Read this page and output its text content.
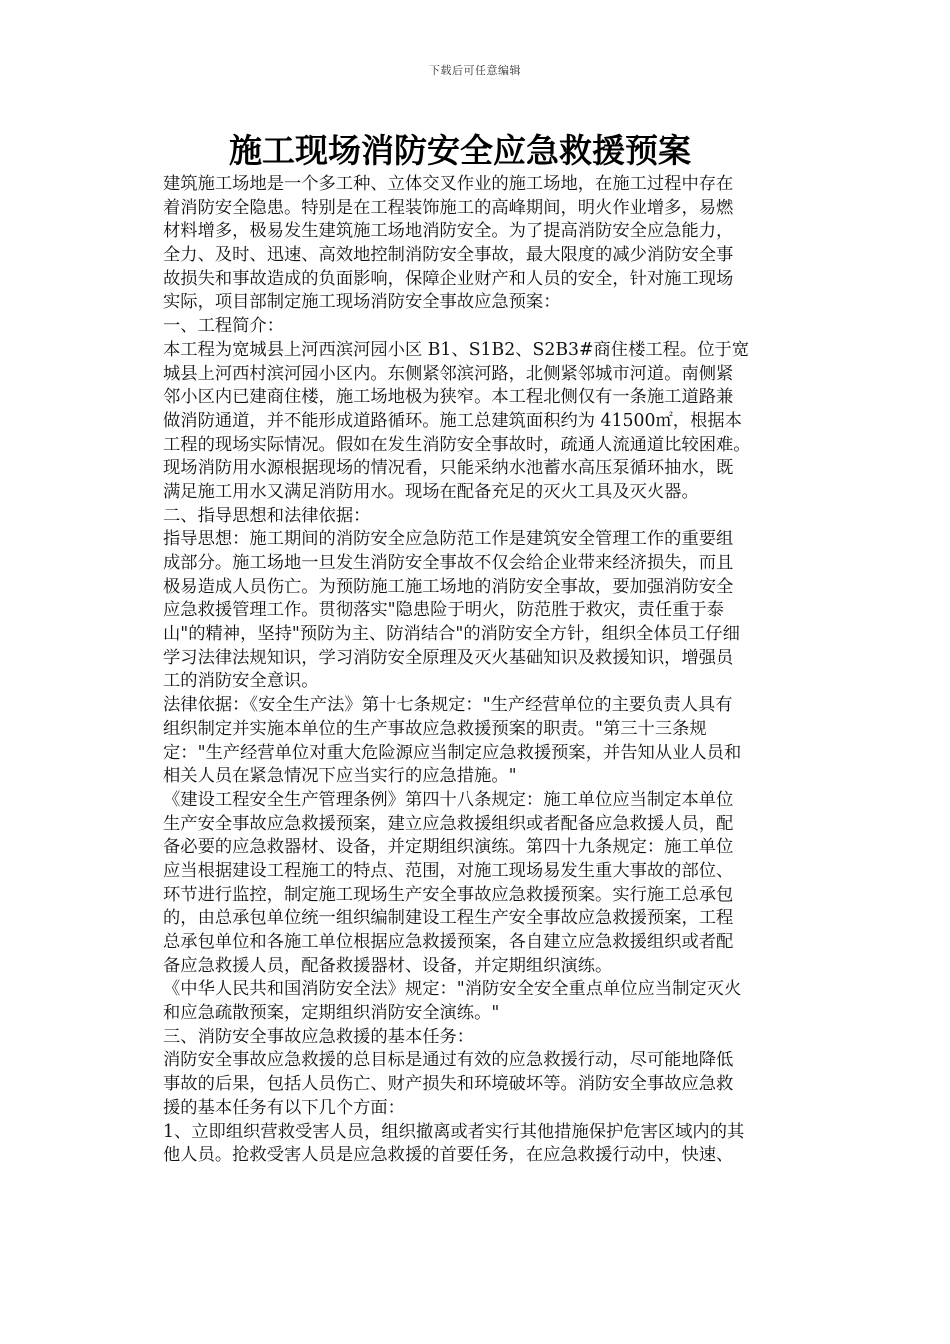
下载后可任意编辑
施工现场消防安全应急救援预案
建筑施工场地是一个多工种、立体交叉作业的施工场地，在施工过程中存在
着消防安全隐患。特别是在工程装饰施工的高峰期间，明火作业增多，易燃
材料增多，极易发生建筑施工场地消防安全。为了提高消防安全应急能力，
全力、及时、迅速、高效地控制消防安全事故，最大限度的减少消防安全事
故损失和事故造成的负面影响，保障企业财产和人员的安全，针对施工现场
实际，项目部制定施工现场消防安全事故应急预案：
一、工程简介：
本工程为宽城县上河西滨河园小区 B1、S1B2、S2B3#商住楼工程。位于宽
城县上河西村滨河园小区内。东侧紧邻滨河路，北侧紧邻城市河道。南侧紧
邻小区内已建商住楼，施工场地极为狭窄。本工程北侧仅有一条施工道路兼
做消防通道，并不能形成道路循环。施工总建筑面积约为 41500㎡，根据本
工程的现场实际情况。假如在发生消防安全事故时，疏通人流通道比较困难。
现场消防用水源根据现场的情况看，只能采纳水池蓄水高压泵循环抽水，既
满足施工用水又满足消防用水。现场在配备充足的灭火工具及灭火器。
二、指导思想和法律依据：
指导思想：施工期间的消防安全应急防范工作是建筑安全管理工作的重要组
成部分。施工场地一旦发生消防安全事故不仅会给企业带来经济损失，而且
极易造成人员伤亡。为预防施工施工场地的消防安全事故，要加强消防安全
应急救援管理工作。贯彻落实"隐患险于明火，防范胜于救灾，责任重于泰
山"的精神，坚持"预防为主、防消结合"的消防安全方针，组织全体员工仔细
学习法律法规知识，学习消防安全原理及灭火基础知识及救援知识，增强员
工的消防安全意识。
法律依据：《安全生产法》第十七条规定："生产经营单位的主要负责人具有
组织制定并实施本单位的生产事故应急救援预案的职责。"第三十三条规
定："生产经营单位对重大危险源应当制定应急救援预案，并告知从业人员和
相关人员在紧急情况下应当实行的应急措施。"
《建设工程安全生产管理条例》第四十八条规定：施工单位应当制定本单位
生产安全事故应急救援预案，建立应急救援组织或者配备应急救援人员，配
备必要的应急救器材、设备，并定期组织演练。第四十九条规定：施工单位
应当根据建设工程施工的特点、范围，对施工现场易发生重大事故的部位、
环节进行监控，制定施工现场生产安全事故应急救援预案。实行施工总承包
的，由总承包单位统一组织编制建设工程生产安全事故应急救援预案，工程
总承包单位和各施工单位根据应急救援预案，各自建立应急救援组织或者配
备应急救援人员，配备救援器材、设备，并定期组织演练。
《中华人民共和国消防安全法》规定："消防安全安全重点单位应当制定灭火
和应急疏散预案，定期组织消防安全演练。"
三、消防安全事故应急救援的基本任务：
消防安全事故应急救援的总目标是通过有效的应急救援行动，尽可能地降低
事故的后果，包括人员伤亡、财产损失和环境破坏等。消防安全事故应急救
援的基本任务有以下几个方面：
1、立即组织营救受害人员，组织撤离或者实行其他措施保护危害区域内的其
他人员。抢救受害人员是应急救援的首要任务，在应急救援行动中，快速、
